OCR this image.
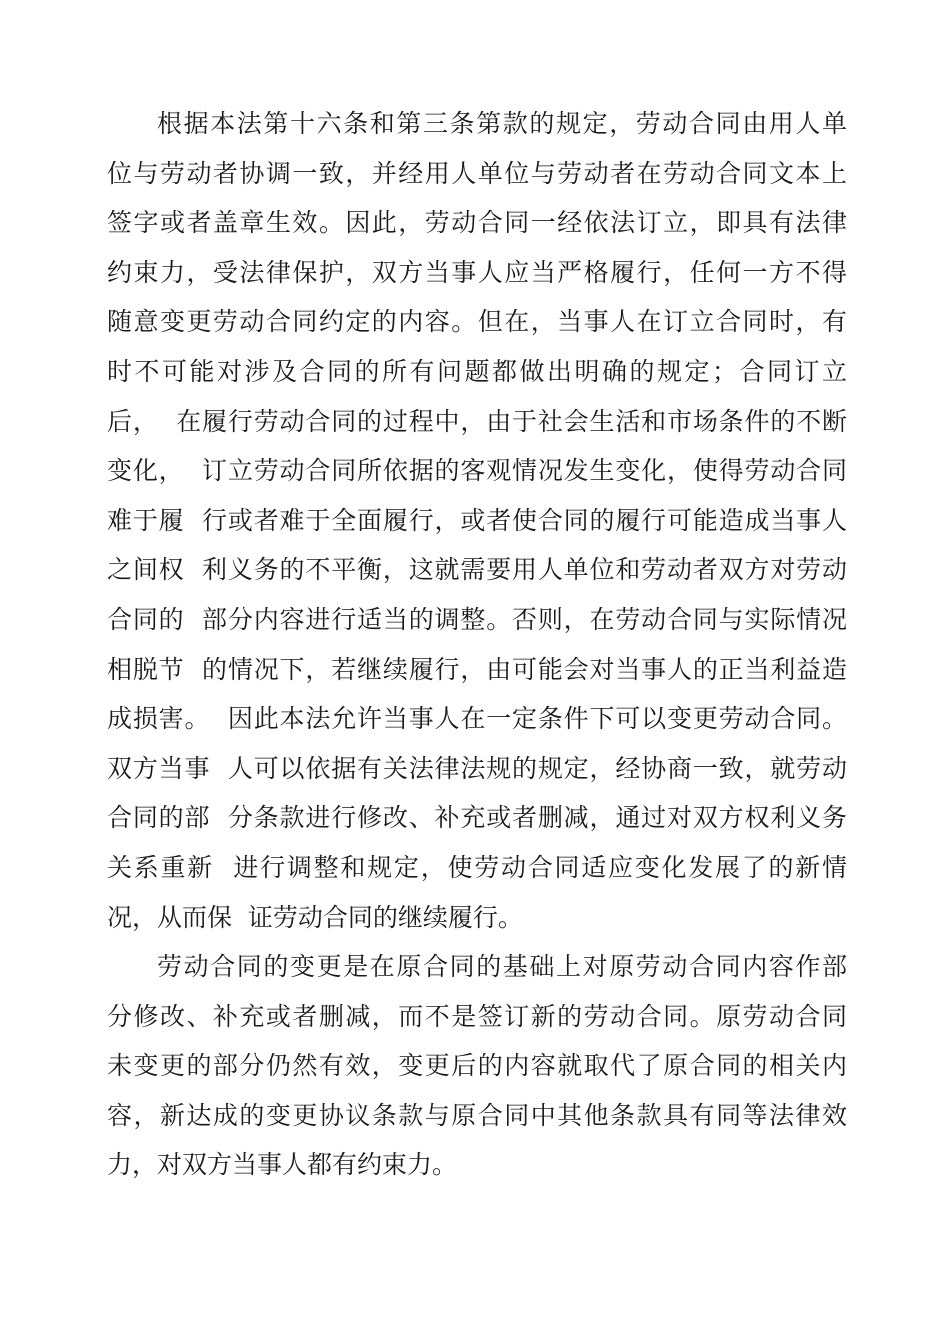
根据本法第十六条和第三条第款的规定，劳动合同由用人单
位与劳动者协调一致，并经用人单位与劳动者在劳动合同文本上
签字或者盖章生效。因此，劳动合同一经依法订立，即具有法律
约束力，受法律保护，双方当事人应当严格履行，任何一方不得
随意变更劳动合同约定的内容。但在，当事人在订立合同时，有
时不可能对涉及合同的所有问题都做出明确的规定；合同订立
后，  在履行劳动合同的过程中，由于社会生活和市场条件的不断
变化，  订立劳动合同所依据的客观情况发生变化，使得劳动合同
难于履  行或者难于全面履行，或者使合同的履行可能造成当事人
之间权  利义务的不平衡，这就需要用人单位和劳动者双方对劳动
合同的  部分内容进行适当的调整。否则，在劳动合同与实际情况
相脱节  的情况下，若继续履行，由可能会对当事人的正当利益造
成损害。  因此本法允许当事人在一定条件下可以变更劳动合同。
双方当事  人可以依据有关法律法规的规定，经协商一致，就劳动
合同的部  分条款进行修改、补充或者删减，通过对双方权利义务
关系重新  进行调整和规定，使劳动合同适应变化发展了的新情
况，从而保  证劳动合同的继续履行。
劳动合同的变更是在原合同的基础上对原劳动合同内容作部
分修改、补充或者删减，而不是签订新的劳动合同。原劳动合同
未变更的部分仍然有效，变更后的内容就取代了原合同的相关内
容，新达成的变更协议条款与原合同中其他条款具有同等法律效
力，对双方当事人都有约束力。
